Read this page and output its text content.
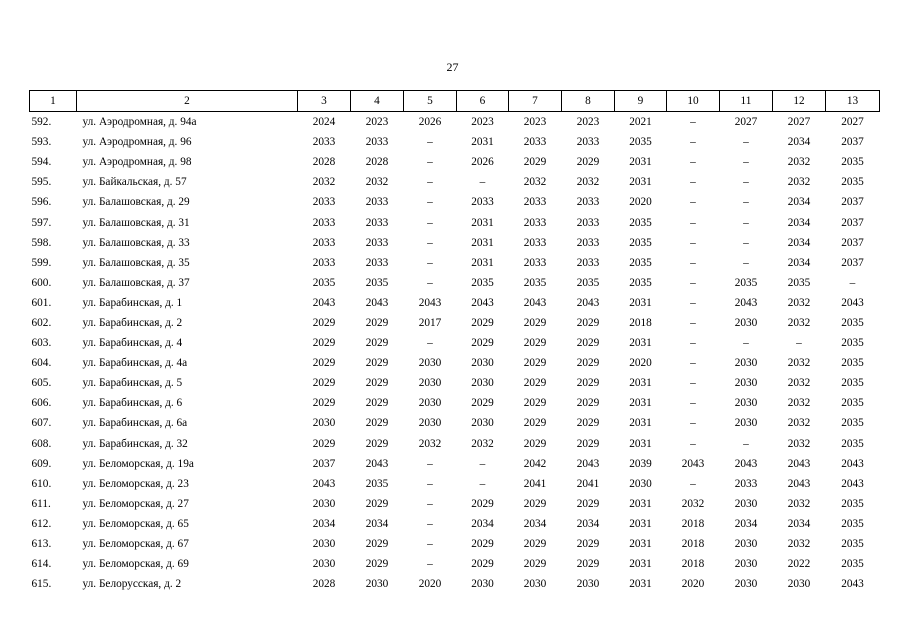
27
1	2	3	4	5	6	7	8	9	10	11	12	13
592.	ул. Аэродромная, д. 94а	2024	2023	2026	2023	2023	2023	2021	–	2027	2027	2027
593.	ул. Аэродромная, д. 96	2033	2033	–	2031	2033	2033	2035	–	–	2034	2037
594.	ул. Аэродромная, д. 98	2028	2028	–	2026	2029	2029	2031	–	–	2032	2035
595.	ул. Байкальская, д. 57	2032	2032	–	–	2032	2032	2031	–	–	2032	2035
596.	ул. Балашовская, д. 29	2033	2033	–	2033	2033	2033	2020	–	–	2034	2037
597.	ул. Балашовская, д. 31	2033	2033	–	2031	2033	2033	2035	–	–	2034	2037
598.	ул. Балашовская, д. 33	2033	2033	–	2031	2033	2033	2035	–	–	2034	2037
599.	ул. Балашовская, д. 35	2033	2033	–	2031	2033	2033	2035	–	–	2034	2037
600.	ул. Балашовская, д. 37	2035	2035	–	2035	2035	2035	2035	–	2035	2035	–
601.	ул. Барабинская, д. 1	2043	2043	2043	2043	2043	2043	2031	–	2043	2032	2043
602.	ул. Барабинская, д. 2	2029	2029	2017	2029	2029	2029	2018	–	2030	2032	2035
603.	ул. Барабинская, д. 4	2029	2029	–	2029	2029	2029	2031	–	–	–	2035
604.	ул. Барабинская, д. 4а	2029	2029	2030	2030	2029	2029	2020	–	2030	2032	2035
605.	ул. Барабинская, д. 5	2029	2029	2030	2030	2029	2029	2031	–	2030	2032	2035
606.	ул. Барабинская, д. 6	2029	2029	2030	2029	2029	2029	2031	–	2030	2032	2035
607.	ул. Барабинская, д. 6а	2030	2029	2030	2030	2029	2029	2031	–	2030	2032	2035
608.	ул. Барабинская, д. 32	2029	2029	2032	2032	2029	2029	2031	–	–	2032	2035
609.	ул. Беломорская, д. 19а	2037	2043	–	–	2042	2043	2039	2043	2043	2043	2043
610.	ул. Беломорская, д. 23	2043	2035	–	–	2041	2041	2030	–	2033	2043	2043
611.	ул. Беломорская, д. 27	2030	2029	–	2029	2029	2029	2031	2032	2030	2032	2035
612.	ул. Беломорская, д. 65	2034	2034	–	2034	2034	2034	2031	2018	2034	2034	2035
613.	ул. Беломорская, д. 67	2030	2029	–	2029	2029	2029	2031	2018	2030	2032	2035
614.	ул. Беломорская, д. 69	2030	2029	–	2029	2029	2029	2031	2018	2030	2022	2035
615.	ул. Белорусская, д. 2	2028	2030	2020	2030	2030	2030	2031	2020	2030	2030	2043
